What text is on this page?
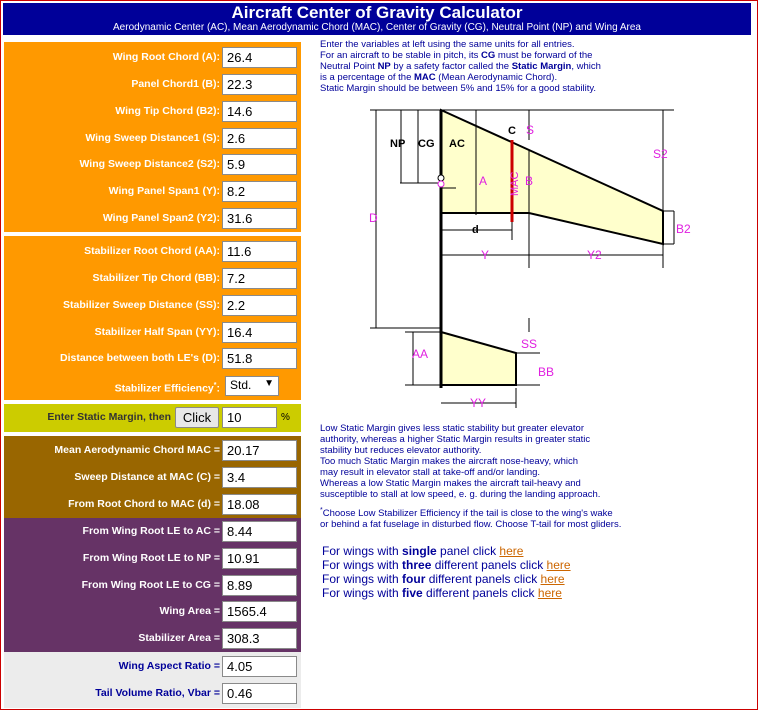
Aircraft Center of Gravity Calculator
Aerodynamic Center (AC), Mean Aerodynamic Chord (MAC), Center of Gravity (CG), Neutral Point (NP) and Wing Area
Wing Root Chord (A):
26.4
Panel Chord1 (B):
22.3
Wing Tip Chord (B2):
14.6
Wing Sweep Distance1 (S):
2.6
Wing Sweep Distance2 (S2):
5.9
Wing Panel Span1 (Y):
8.2
Wing Panel Span2 (Y2):
31.6
Stabilizer Root Chord (AA):
11.6
Stabilizer Tip Chord (BB):
7.2
Stabilizer Sweep Distance (SS):
2.2
Stabilizer Half Span (YY):
16.4
Distance between both LE's (D):
51.8
Stabilizer Efficiency*: Std. ▼
Enter Static Margin, then Click
10	%
Mean Aerodynamic Chord MAC =
20.17
Sweep Distance at MAC (C) =
3.4
From Root Chord to MAC (d) =
18.08
From Wing Root LE to AC =
8.44
From Wing Root LE to NP =
10.91
From Wing Root LE to CG =
8.89
Wing Area =
1565.4
Stabilizer Area =
308.3
Wing Aspect Ratio =
4.05
Tail Volume Ratio, Vbar =
0.46
Enter the variables at left using the same units for all entries.
For an aircraft to be stable in pitch, its CG must be forward of the
Neutral Point NP by a safety factor called the Static Margin, which
is a percentage of the MAC (Mean Aerodynamic Chord).
Static Margin should be between 5% and 15% for a good stability.
NP CG AC
C
d
S
S2
A	B
MAC
B2
D
Y	Y2
AA
SS
BB
YY
Low Static Margin gives less static stability but greater elevator
authority, whereas a higher Static Margin results in greater static
stability but reduces elevator authority.
Too much Static Margin makes the aircraft nose-heavy, which
may result in elevator stall at take-off and/or landing.
Whereas a low Static Margin makes the aircraft tail-heavy and
susceptible to stall at low speed, e. g. during the landing approach.
*Choose Low Stabilizer Efficiency if the tail is close to the wing's wake
or behind a fat fuselage in disturbed flow. Choose T-tail for most gliders.
For wings with single panel click here
For wings with three different panels click here
For wings with four different panels click here
For wings with five different panels click here
